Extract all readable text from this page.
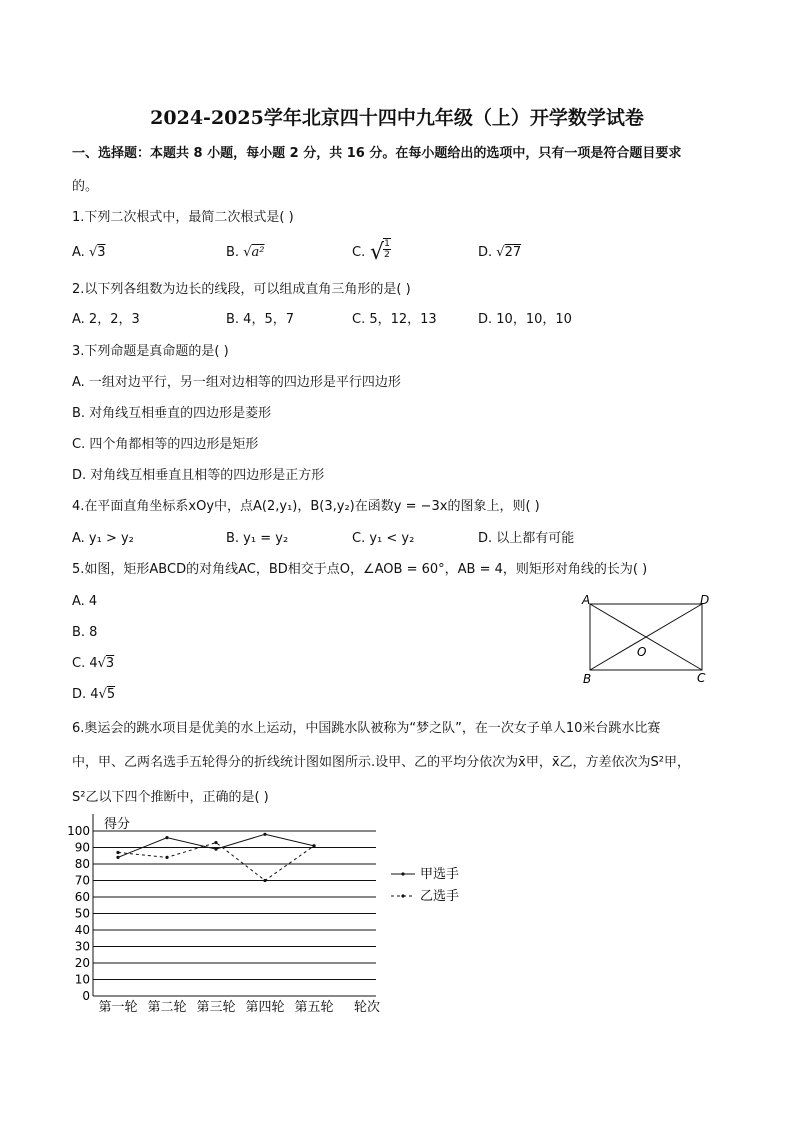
2024-2025学年北京四十四中九年级（上）开学数学试卷
一、选择题：本题共 8 小题，每小题 2 分，共 16 分。在每小题给出的选项中，只有一项是符合题目要求
的。
1.下列二次根式中，最简二次根式是( )
A. √3	B. √a²	C. √ 1
2	D. √27
2.以下列各组数为边长的线段，可以组成直角三角形的是( )
A. 2，2，3	B. 4，5，7	C. 5，12，13	D. 10，10，10
3.下列命题是真命题的是( )
A. 一组对边平行，另一组对边相等的四边形是平行四边形
B. 对角线互相垂直的四边形是菱形
C. 四个角都相等的四边形是矩形
D. 对角线互相垂直且相等的四边形是正方形
4.在平面直角坐标系xOy中，点A(2,y₁)，B(3,y₂)在函数y = −3x的图象上，则( )
A. y₁ > y₂	B. y₁ = y₂	C. y₁ < y₂	D. 以上都有可能
5.如图，矩形ABCD的对角线AC，BD相交于点O，∠AOB = 60°，AB = 4，则矩形对角线的长为( )
A. 4
B. 8
C. 4√3
D. 4√5
A	D
B	C
O
6.奥运会的跳水项目是优美的水上运动，中国跳水队被称为“梦之队”，在一次女子单人10米台跳水比赛
中，甲、乙两名选手五轮得分的折线统计图如图所示.设甲、乙的平均分依次为x̄甲，x̄乙，方差依次为S²甲，
S²乙以下四个推断中，正确的是( )
0
10
20
30
40
50
60
70
80
90
100
第一轮 第二轮 第三轮 第四轮 第五轮
得分
轮次
甲选手
乙选手
